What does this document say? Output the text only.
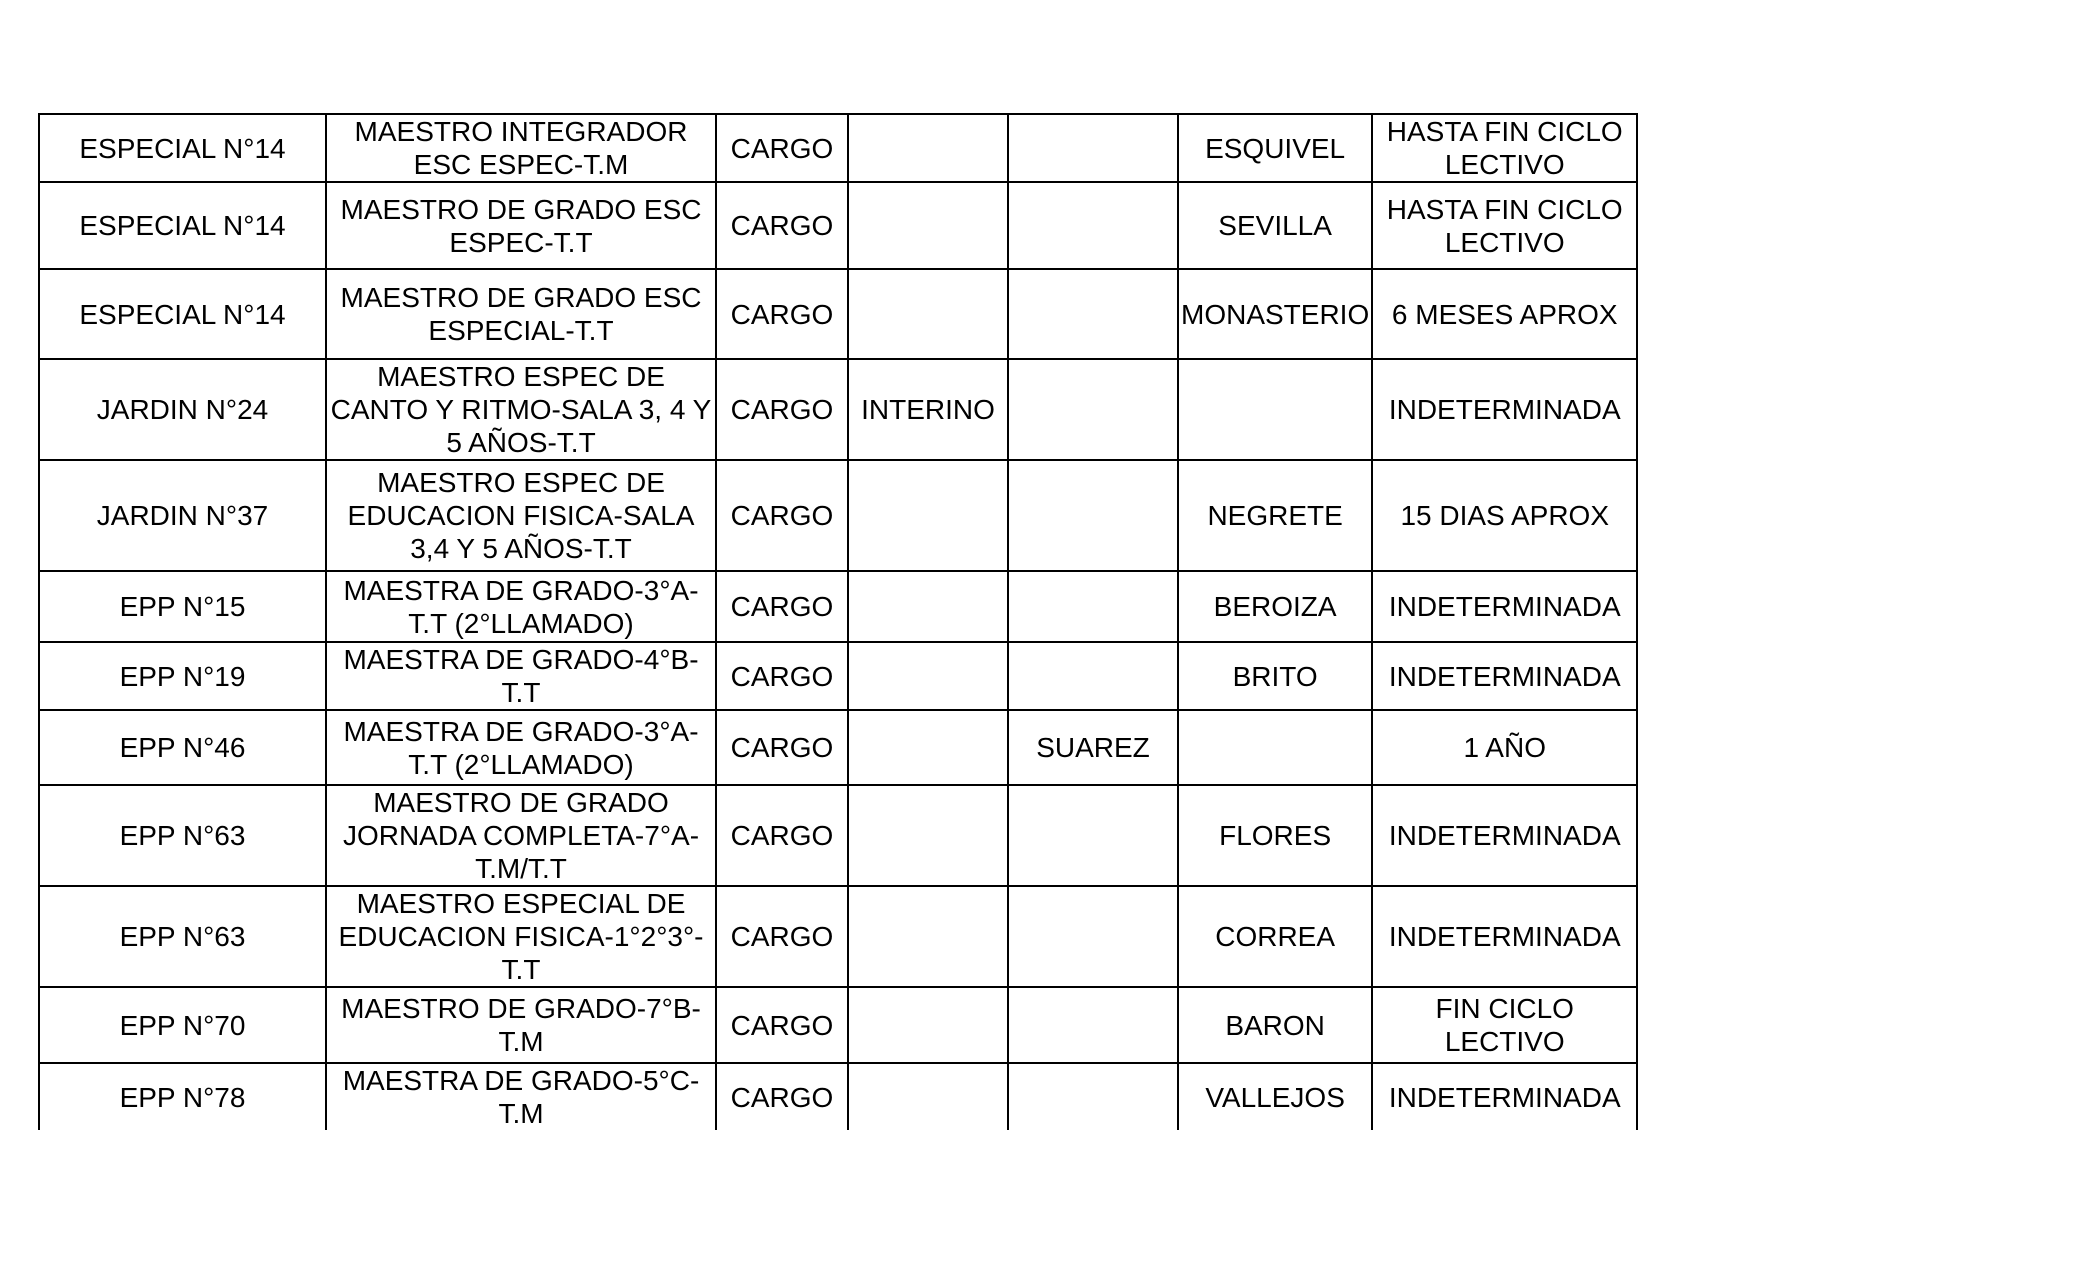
ESPECIAL N°14	MAESTRO INTEGRADOR ESC ESPEC-T.M	CARGO			ESQUIVEL	HASTA FIN CICLO LECTIVO
ESPECIAL N°14	MAESTRO DE GRADO ESC ESPEC-T.T	CARGO			SEVILLA	HASTA FIN CICLO LECTIVO
ESPECIAL N°14	MAESTRO DE GRADO ESC ESPECIAL-T.T	CARGO			MONASTERIO	6 MESES APROX
JARDIN N°24	MAESTRO ESPEC DE CANTO Y RITMO-SALA 3, 4 Y 5 AÑOS-T.T	CARGO	INTERINO			INDETERMINADA
JARDIN N°37	MAESTRO ESPEC DE EDUCACION FISICA-SALA 3,4 Y 5 AÑOS-T.T	CARGO			NEGRETE	15 DIAS APROX
EPP N°15	MAESTRA DE GRADO-3°A-T.T (2°LLAMADO)	CARGO			BEROIZA	INDETERMINADA
EPP N°19	MAESTRA DE GRADO-4°B-T.T	CARGO			BRITO	INDETERMINADA
EPP N°46	MAESTRA DE GRADO-3°A-T.T (2°LLAMADO)	CARGO		SUAREZ		1 AÑO
EPP N°63	MAESTRO DE GRADO JORNADA COMPLETA-7°A-T.M/T.T	CARGO			FLORES	INDETERMINADA
EPP N°63	MAESTRO ESPECIAL DE EDUCACION FISICA-1°2°3°-T.T	CARGO			CORREA	INDETERMINADA
EPP N°70	MAESTRO DE GRADO-7°B-T.M	CARGO			BARON	FIN CICLO LECTIVO
EPP N°78	MAESTRA DE GRADO-5°C-T.M	CARGO			VALLEJOS	INDETERMINADA
